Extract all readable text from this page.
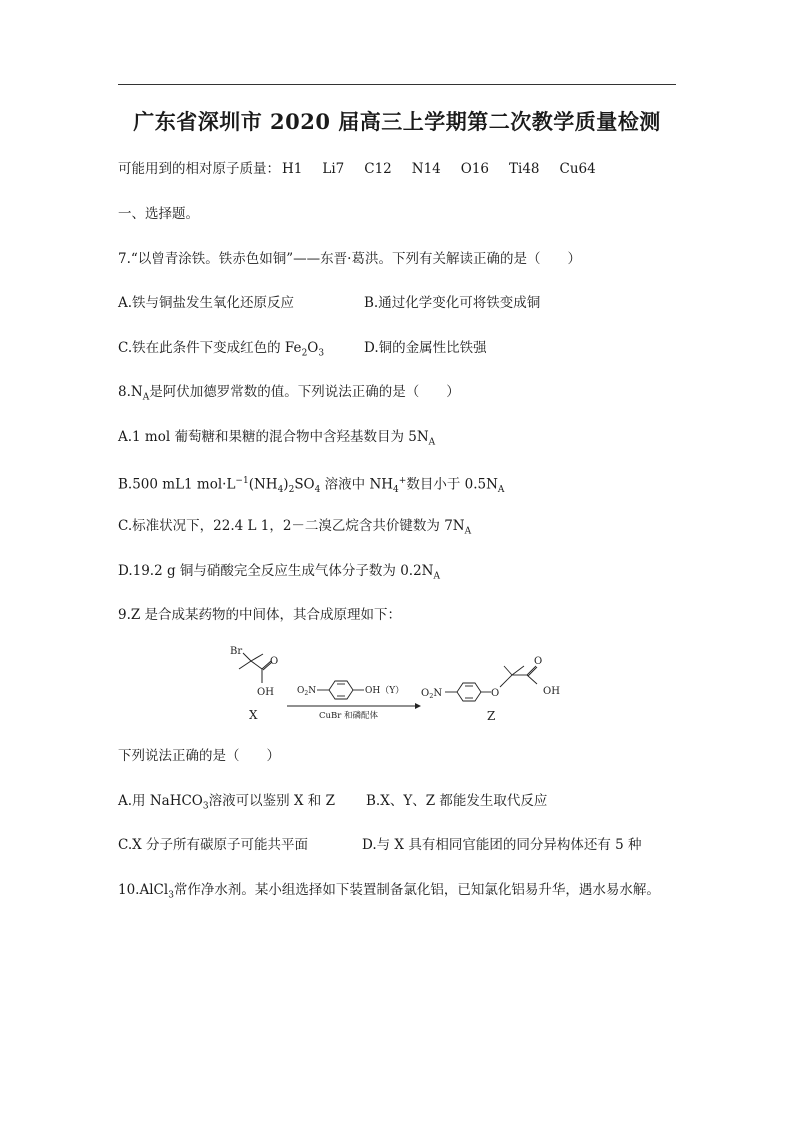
广东省深圳市 2020 届高三上学期第二次教学质量检测
可能用到的相对原子质量： H1 Li7 C12 N14 O16 Ti48 Cu64
一、选择题。
7.“以曾青涂铁。铁赤色如铜”——东晋·葛洪。下列有关解读正确的是（　　）
A.铁与铜盐发生氧化还原反应	B.通过化学变化可将铁变成铜
C.铁在此条件下变成红色的 $Fe_2O_3$	D.铜的金属性比铁强
$8.N_A$是阿伏加德罗常数的值。下列说法正确的是（　　）
A.1 mol 葡萄糖和果糖的混合物中含羟基数目为 $5N_A$
B.500 mL1 $mol\cdot L^{-1}(NH_4)_2SO_4$ 溶液中 $NH_4^+$数目小于 $0.5N_A$
C.标准状况下，22.4 L 1，2－二溴乙烷含共价键数为 $7N_A$
D.19.2 g 铜与硝酸完全反应生成气体分子数为 $0.2N_A$
9.Z 是合成某药物的中间体，其合成原理如下：
Br
O
OH
X
$O_2N$	OH（Y）
CuBr 和磷配体
$O_2N$	O
O
OH
Z
下列说法正确的是（　　）
A.用 NaHCO$_3$溶液可以鉴别 X 和 Z B.X、Y、Z 都能发生取代反应
C.X 分子所有碳原子可能共平面	D.与 X 具有相同官能团的同分异构体还有 5 种
10.AlCl$_3$常作净水剂。某小组选择如下装置制备氯化铝，已知氯化铝易升华，遇水易水解。
